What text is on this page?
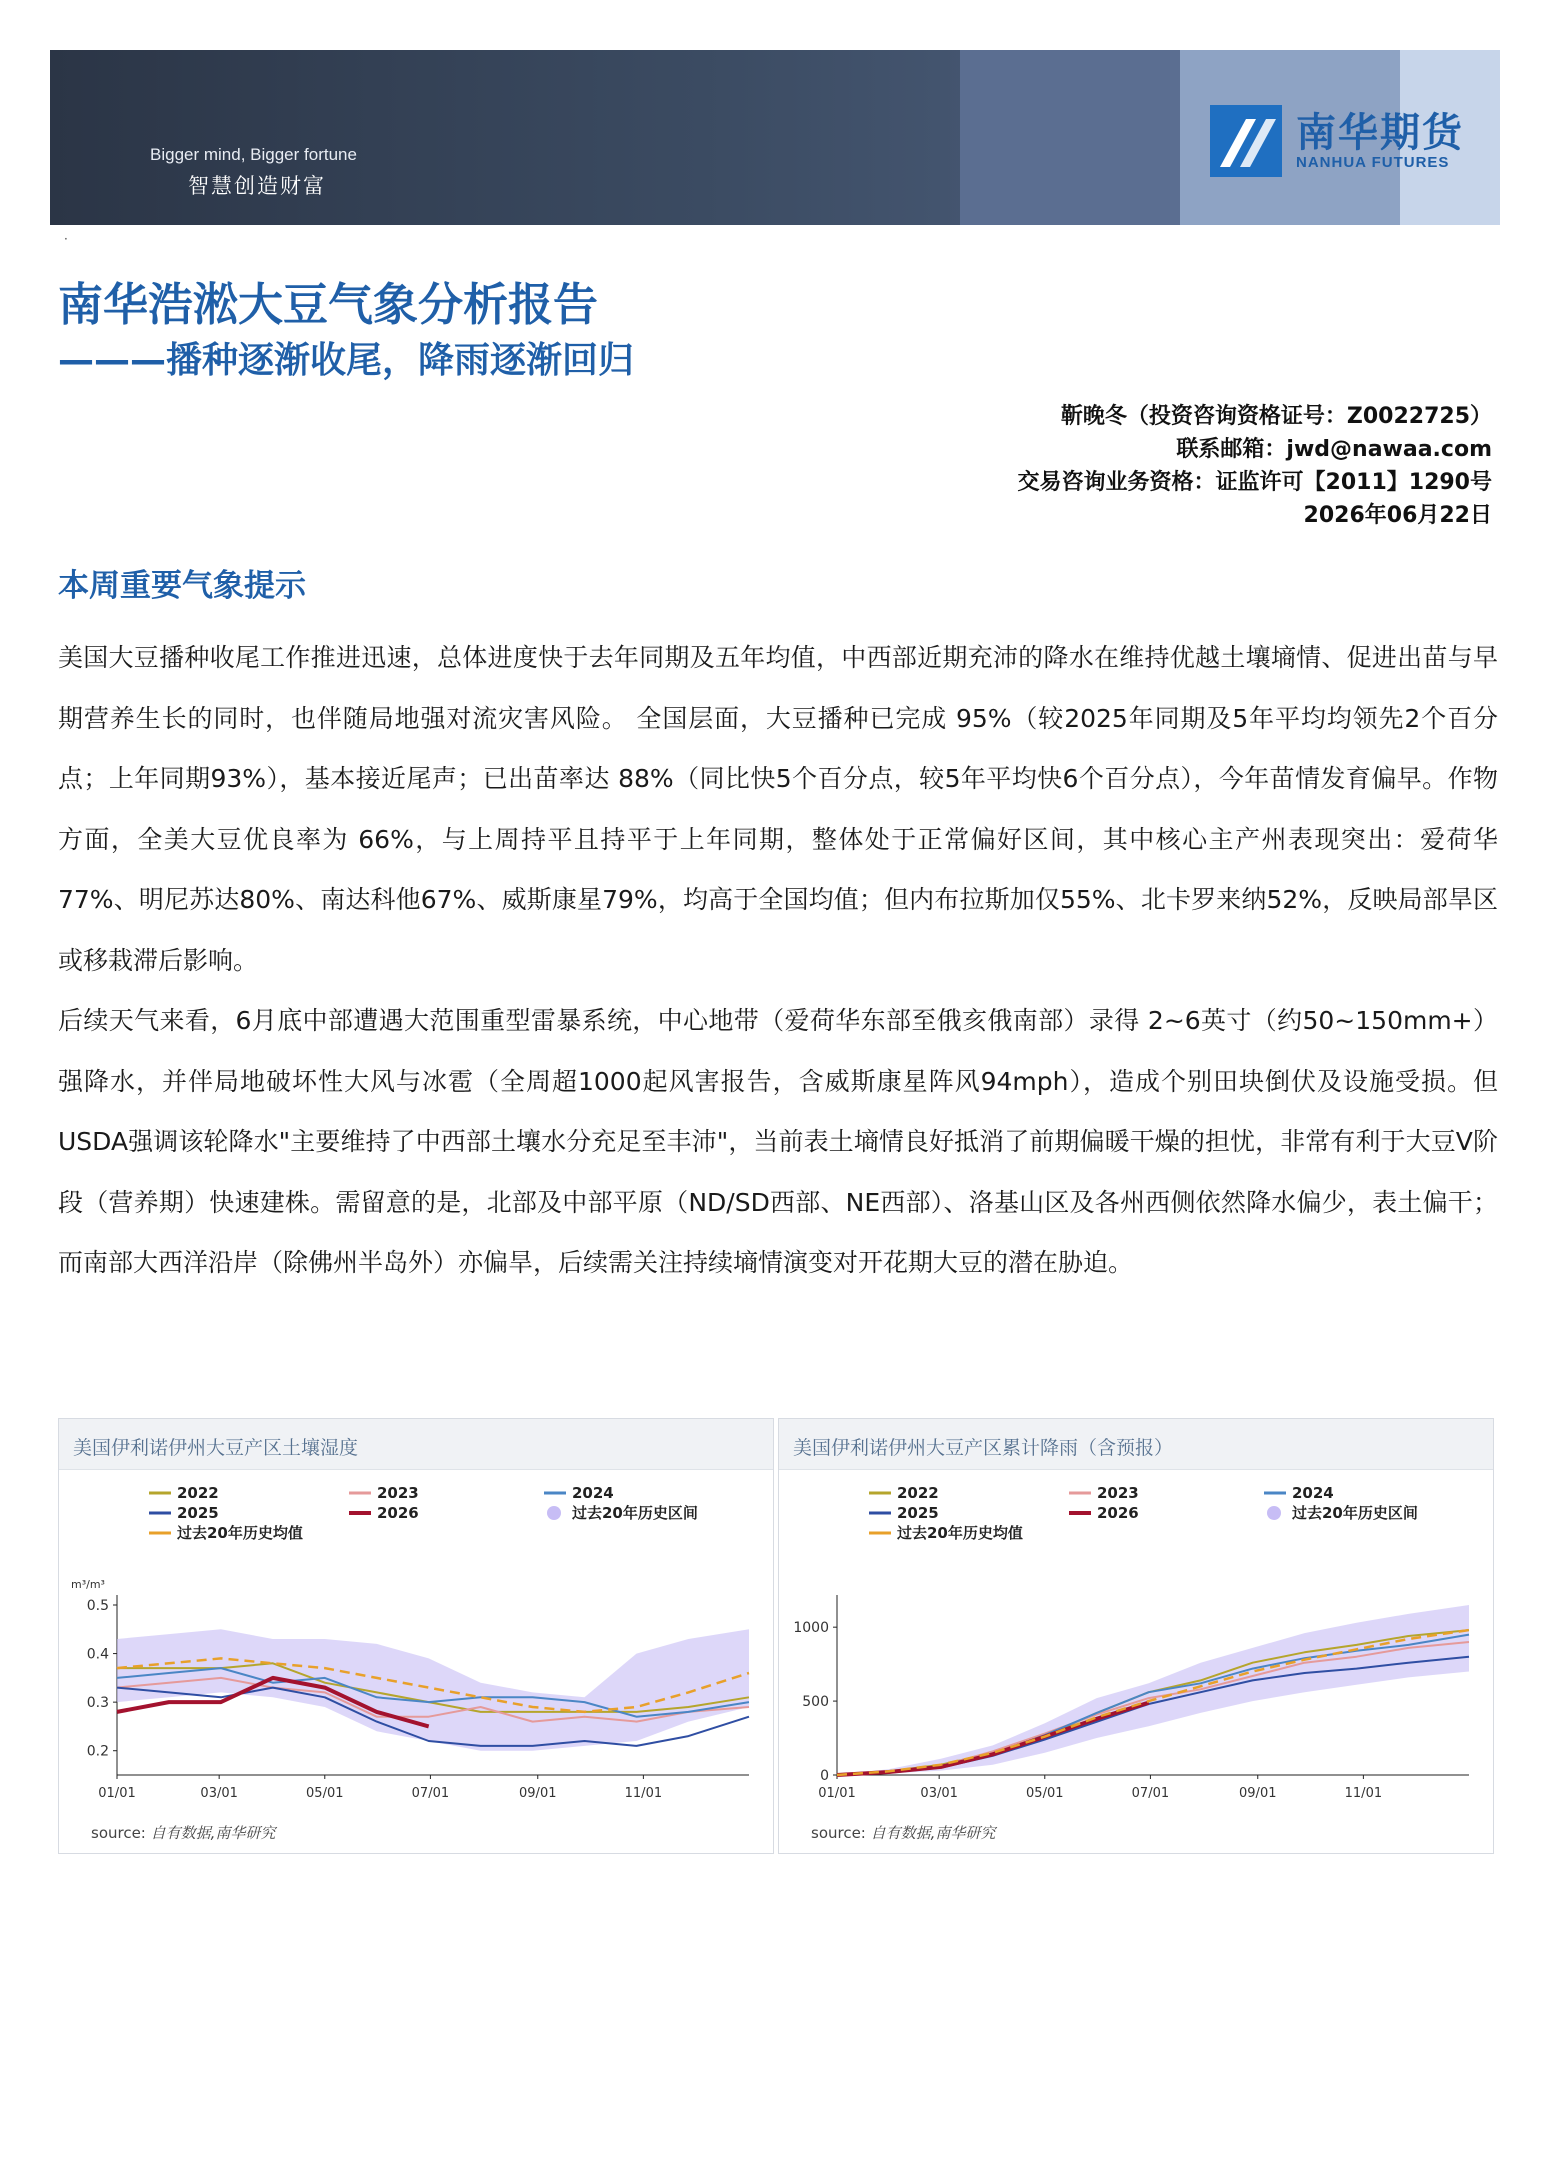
Bigger mind, Bigger fortune
智慧创造财富
南华期货
NANHUA FUTURES
·
南华浩淞大豆气象分析报告
———播种逐渐收尾，降雨逐渐回归
靳晚冬（投资咨询资格证号：Z0022725）
联系邮箱：jwd@nawaa.com
交易咨询业务资格：证监许可【2011】1290号
2026年06月22日
本周重要气象提示

美国大豆播种收尾工作推进迅速，总体进度快于去年同期及五年均值，中西部近期充沛的降水在维持优越土壤墒情、促进出苗与早期营养生长的同时，也伴随局地强对流灾害风险。 全国层面，大豆播种已完成 95%（较2025年同期及5年平均均领先2个百分点；上年同期93%），基本接近尾声；已出苗率达 88%（同比快5个百分点，较5年平均快6个百分点），今年苗情发育偏早。作物方面，全美大豆优良率为 66%，与上周持平且持平于上年同期，整体处于正常偏好区间，其中核心主产州表现突出：爱荷华77%、明尼苏达80%、南达科他67%、威斯康星79%，均高于全国均值；但内布拉斯加仅55%、北卡罗来纳52%，反映局部旱区或移栽滞后影响。

后续天气来看，6月底中部遭遇大范围重型雷暴系统，中心地带（爱荷华东部至俄亥俄南部）录得 2~6英寸（约50~150mm+） 强降水，并伴局地破坏性大风与冰雹（全周超1000起风害报告，含威斯康星阵风94mph），造成个别田块倒伏及设施受损。但USDA强调该轮降水"主要维持了中西部土壤水分充足至丰沛"，当前表土墒情良好抵消了前期偏暖干燥的担忧，非常有利于大豆V阶段（营养期）快速建株。需留意的是，北部及中部平原（ND/SD西部、NE西部）、洛基山区及各州西侧依然降水偏少，表土偏干；而南部大西洋沿岸（除佛州半岛外）亦偏旱，后续需关注持续墒情演变对开花期大豆的潜在胁迫。

美国伊利诺伊州大豆产区土壤湿度
2022	2023	2024
2025	2026	过去20年历史区间
过去20年历史均值
m³/m³
0.5
0.4
0.3
0.2
01/01	03/01	05/01	07/01	09/01	11/01
source: 自有数据,南华研究
美国伊利诺伊州大豆产区累计降雨（含预报）
2022	2023	2024
2025	2026	过去20年历史区间
过去20年历史均值
1000
500
0
01/01	03/01	05/01	07/01	09/01	11/01
source: 自有数据,南华研究
